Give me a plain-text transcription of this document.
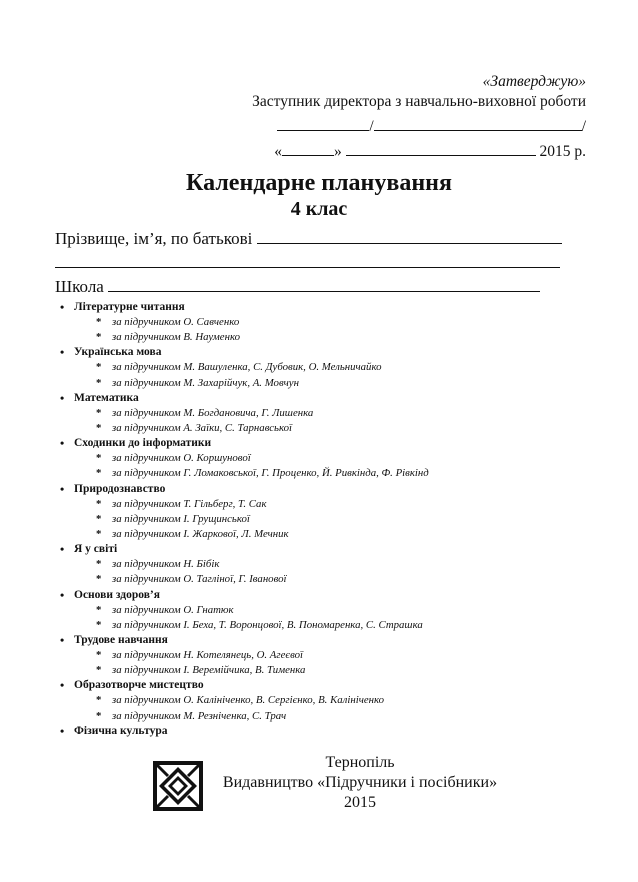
«Затверджую»
Заступник директора з навчально-виховної роботи
/	/
«	»	2015 р.
Календарне планування
4 клас
Прізвище, ім’я, по батькові
Школа
• Літературне читання
* за підручником О. Савченко
* за підручником В. Науменко
• Українська мова
* за підручником М. Вашуленка, С. Дубовик, О. Мельничайко
* за підручником М. Захарійчук, А. Мовчун
• Математика
* за підручником М. Богдановича, Г. Лишенка
* за підручником А. Заїки, С. Тарнавської
• Сходинки до інформатики
* за підручником О. Коршунової
* за підручником Г. Ломаковської, Г. Проценко, Й. Ривкінда, Ф. Рівкінд
• Природознавство
* за підручником Т. Гільберг, Т. Сак
* за підручником І. Грущинської
* за підручником І. Жаркової, Л. Мечник
• Я у світі
* за підручником Н. Бібік
* за підручником О. Тагліної, Г. Іванової
• Основи здоров’я
* за підручником О. Гнатюк
* за підручником І. Беха, Т. Воронцової, В. Пономаренка, С. Страшка
• Трудове навчання
* за підручником Н. Котелянець, О. Агеєвої
* за підручником І. Веремійчика, В. Тименка
• Образотворче мистецтво
* за підручником О. Калініченко, В. Сергієнко, В. Калініченко
* за підручником М. Резніченка, С. Трач
• Фізична культура
Тернопіль
Видавництво «Підручники і посібники»
2015
